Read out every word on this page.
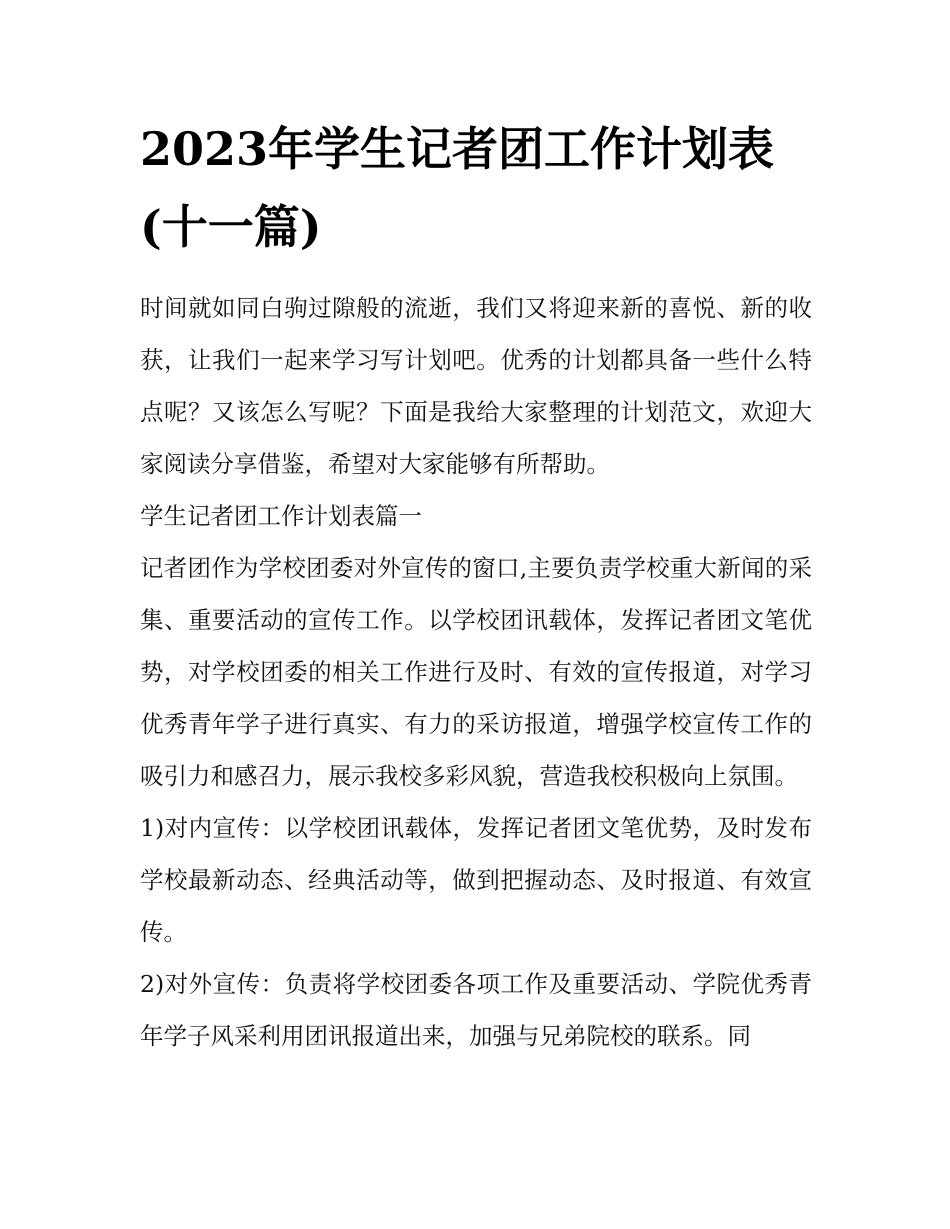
2023年学生记者团工作计划表(十一篇)

时间就如同白驹过隙般的流逝，我们又将迎来新的喜悦、新的收获，让我们一起来学习写计划吧。优秀的计划都具备一些什么特点呢？又该怎么写呢？下面是我给大家整理的计划范文，欢迎大家阅读分享借鉴，希望对大家能够有所帮助。

学生记者团工作计划表篇一

记者团作为学校团委对外宣传的窗口,主要负责学校重大新闻的采集、重要活动的宣传工作。以学校团讯载体，发挥记者团文笔优势，对学校团委的相关工作进行及时、有效的宣传报道，对学习优秀青年学子进行真实、有力的采访报道，增强学校宣传工作的吸引力和感召力，展示我校多彩风貌，营造我校积极向上氛围。

1)对内宣传：以学校团讯载体，发挥记者团文笔优势，及时发布学校最新动态、经典活动等，做到把握动态、及时报道、有效宣传。

2)对外宣传：负责将学校团委各项工作及重要活动、学院优秀青年学子风采利用团讯报道出来，加强与兄弟院校的联系。同
